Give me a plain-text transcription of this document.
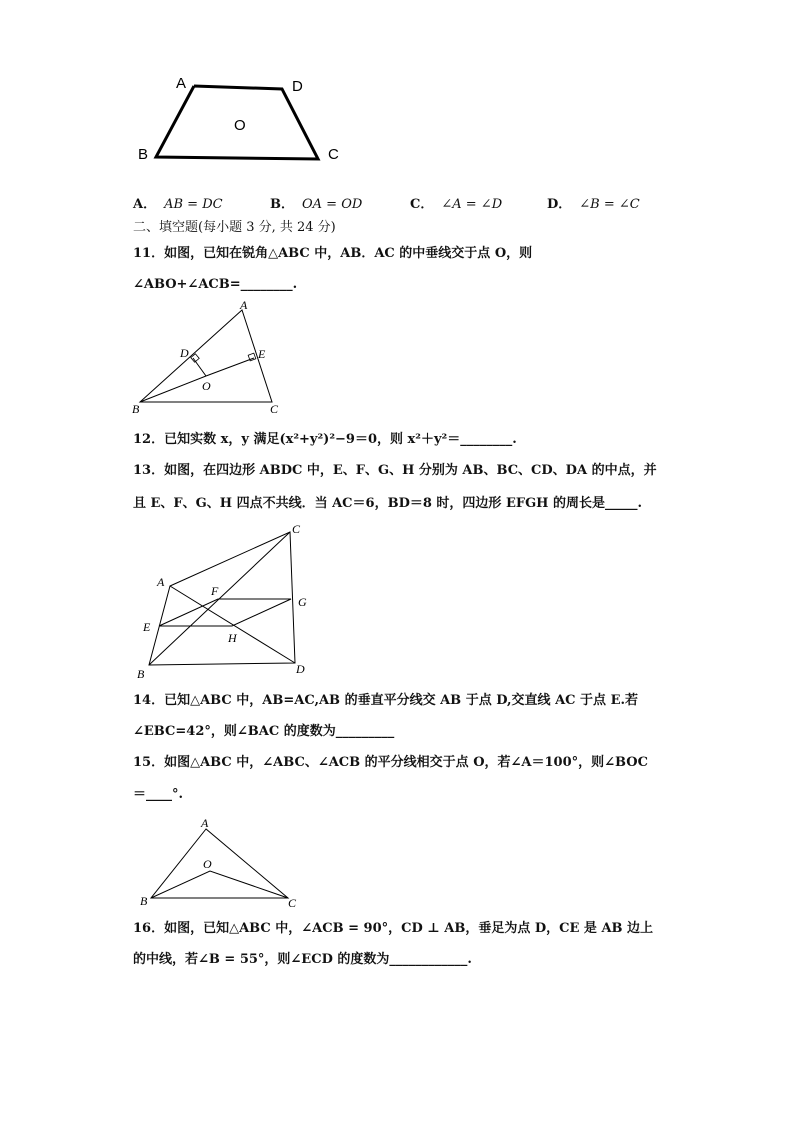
A	D
O
B	C
A． AB = DC	B． OA = OD	C． ∠A = ∠D	D． ∠B = ∠C
二、填空题(每小题 3 分, 共 24 分)
11．如图，已知在锐角△ABC 中，AB．AC 的中垂线交于点 O，则
∠ABO+∠ACB=________.
A
D	E
O
B	C
12．已知实数 x，y 满足(x²+y²)²−9＝0，则 x²＋y²＝________.
13．如图，在四边形 ABDC 中，E、F、G、H 分别为 AB、BC、CD、DA 的中点，并
且 E、F、G、H 四点不共线．当 AC＝6，BD＝8 时，四边形 EFGH 的周长是_____.
C
A
F
G
E
H
B	D
14．已知△ABC 中，AB=AC,AB 的垂直平分线交 AB 于点 D,交直线 AC 于点 E.若
∠EBC=42°，则∠BAC 的度数为_________
15．如图△ABC 中，∠ABC、∠ACB 的平分线相交于点 O，若∠A＝100°，则∠BOC
＝____°.
A
O
B	C
16．如图，已知△ABC 中，∠ACB = 90°，CD ⊥ AB，垂足为点 D，CE 是 AB 边上
的中线，若∠B = 55°，则∠ECD 的度数为____________.
